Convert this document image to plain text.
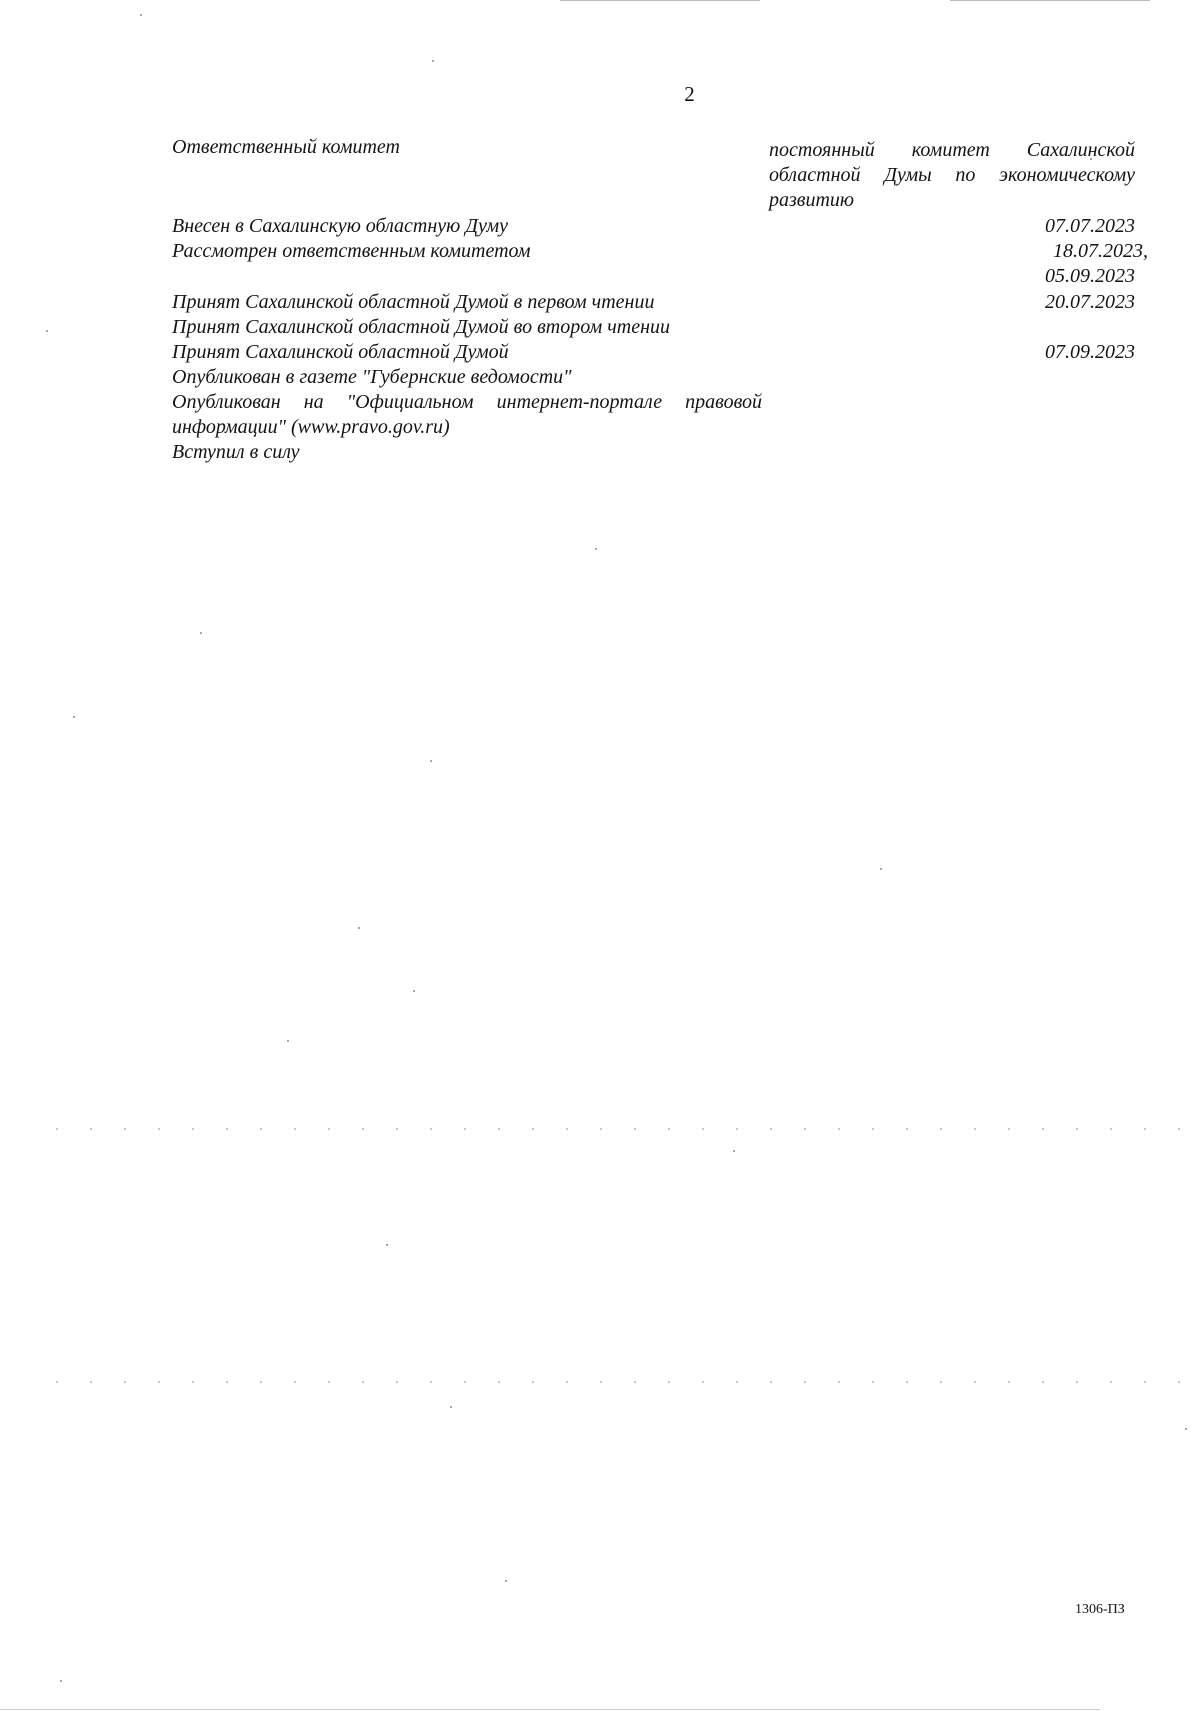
2
Ответственный комитет	постоянный комитет Сахалинской
областной Думы по экономическому
развитию
Внесен в Сахалинскую областную Думу	07.07.2023
Рассмотрен ответственным комитетом	18.07.2023,
05.09.2023
Принят Сахалинской областной Думой в первом чтении	20.07.2023
Принят Сахалинской областной Думой во втором чтении
Принят Сахалинской областной Думой	07.09.2023
Опубликован в газете "Губернские ведомости"
Опубликован на "Официальном интернет-портале правовой
информации" (www.pravo.gov.ru)
Вступил в силу
1306-ПЗ
